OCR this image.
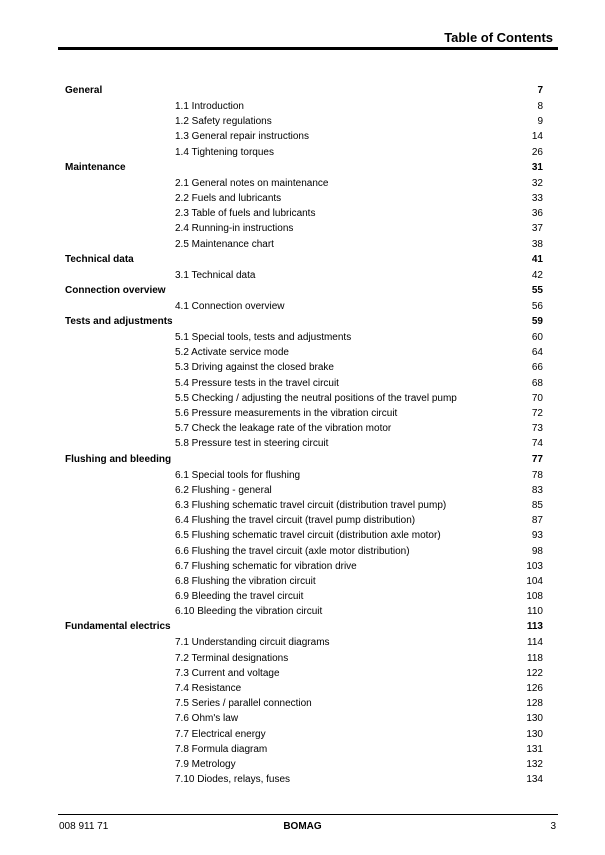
Table of Contents
General	7
1.1 Introduction	8
1.2 Safety regulations	9
1.3 General repair instructions	14
1.4 Tightening torques	26
Maintenance	31
2.1 General notes on maintenance	32
2.2 Fuels and lubricants	33
2.3 Table of fuels and lubricants	36
2.4 Running-in instructions	37
2.5 Maintenance chart	38
Technical data	41
3.1 Technical data	42
Connection overview	55
4.1 Connection overview	56
Tests and adjustments	59
5.1 Special tools, tests and adjustments	60
5.2 Activate service mode	64
5.3 Driving against the closed brake	66
5.4 Pressure tests in the travel circuit	68
5.5 Checking / adjusting the neutral positions of the travel pump	70
5.6 Pressure measurements in the vibration circuit	72
5.7 Check the leakage rate of the vibration motor	73
5.8 Pressure test in steering circuit	74
Flushing and bleeding	77
6.1 Special tools for flushing	78
6.2 Flushing - general	83
6.3 Flushing schematic travel circuit (distribution travel pump)	85
6.4 Flushing the travel circuit (travel pump distribution)	87
6.5 Flushing schematic travel circuit (distribution axle motor)	93
6.6 Flushing the travel circuit (axle motor distribution)	98
6.7 Flushing schematic for vibration drive	103
6.8 Flushing the vibration circuit	104
6.9 Bleeding the travel circuit	108
6.10 Bleeding the vibration circuit	110
Fundamental electrics	113
7.1 Understanding circuit diagrams	114
7.2 Terminal designations	118
7.3 Current and voltage	122
7.4 Resistance	126
7.5 Series / parallel connection	128
7.6 Ohm's law	130
7.7 Electrical energy	130
7.8 Formula diagram	131
7.9 Metrology	132
7.10 Diodes, relays, fuses	134
008 911 71	BOMAG	3
